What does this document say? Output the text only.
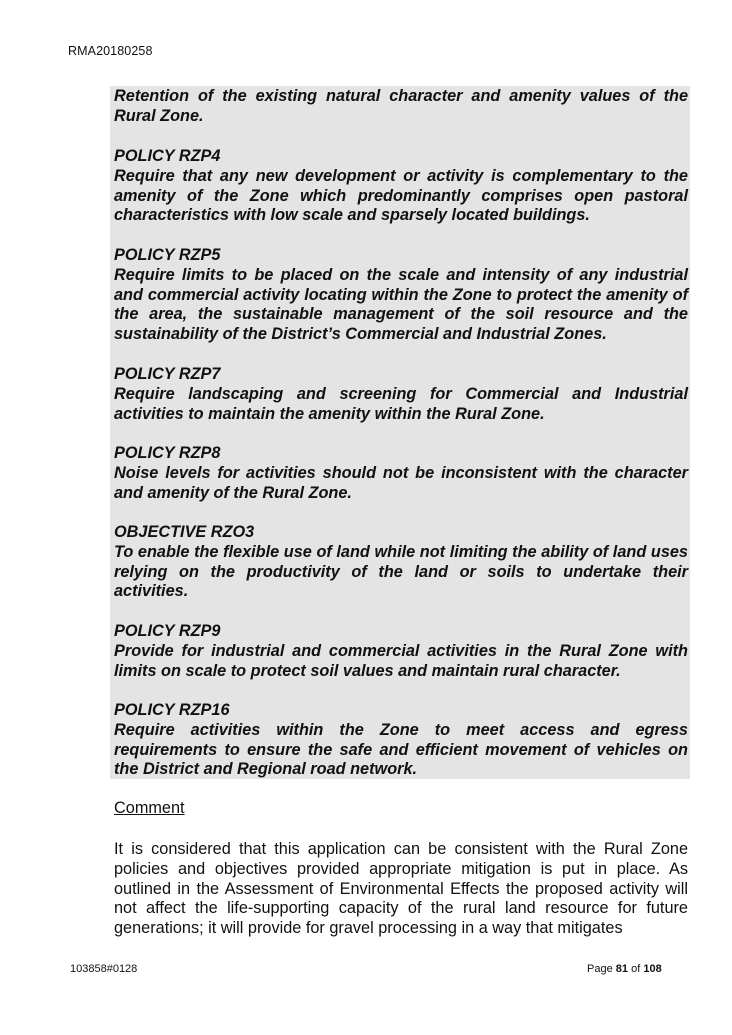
RMA20180258

Retention of the existing natural character and amenity values of the Rural Zone.

POLICY RZP4

Require that any new development or activity is complementary to the amenity of the Zone which predominantly comprises open pastoral characteristics with low scale and sparsely located buildings.

POLICY RZP5

Require limits to be placed on the scale and intensity of any industrial and commercial activity locating within the Zone to protect the amenity of the area, the sustainable management of the soil resource and the sustainability of the District’s Commercial and Industrial Zones.

POLICY RZP7

Require landscaping and screening for Commercial and Industrial activities to maintain the amenity within the Rural Zone.

POLICY RZP8

Noise levels for activities should not be inconsistent with the character and amenity of the Rural Zone.

OBJECTIVE RZO3

To enable the flexible use of land while not limiting the ability of land uses relying on the productivity of the land or soils to undertake their activities.

POLICY RZP9

Provide for industrial and commercial activities in the Rural Zone with limits on scale to protect soil values and maintain rural character.

POLICY RZP16

Require activities within the Zone to meet access and egress requirements to ensure the safe and efficient movement of vehicles on the District and Regional road network.

Comment
It is considered that this application can be consistent with the Rural Zone policies and objectives provided appropriate mitigation is put in place. As outlined in the Assessment of Environmental Effects the proposed activity will not affect the life-supporting capacity of the rural land resource for future generations; it will provide for gravel processing in a way that mitigates
103858#0128	Page 81 of 108
